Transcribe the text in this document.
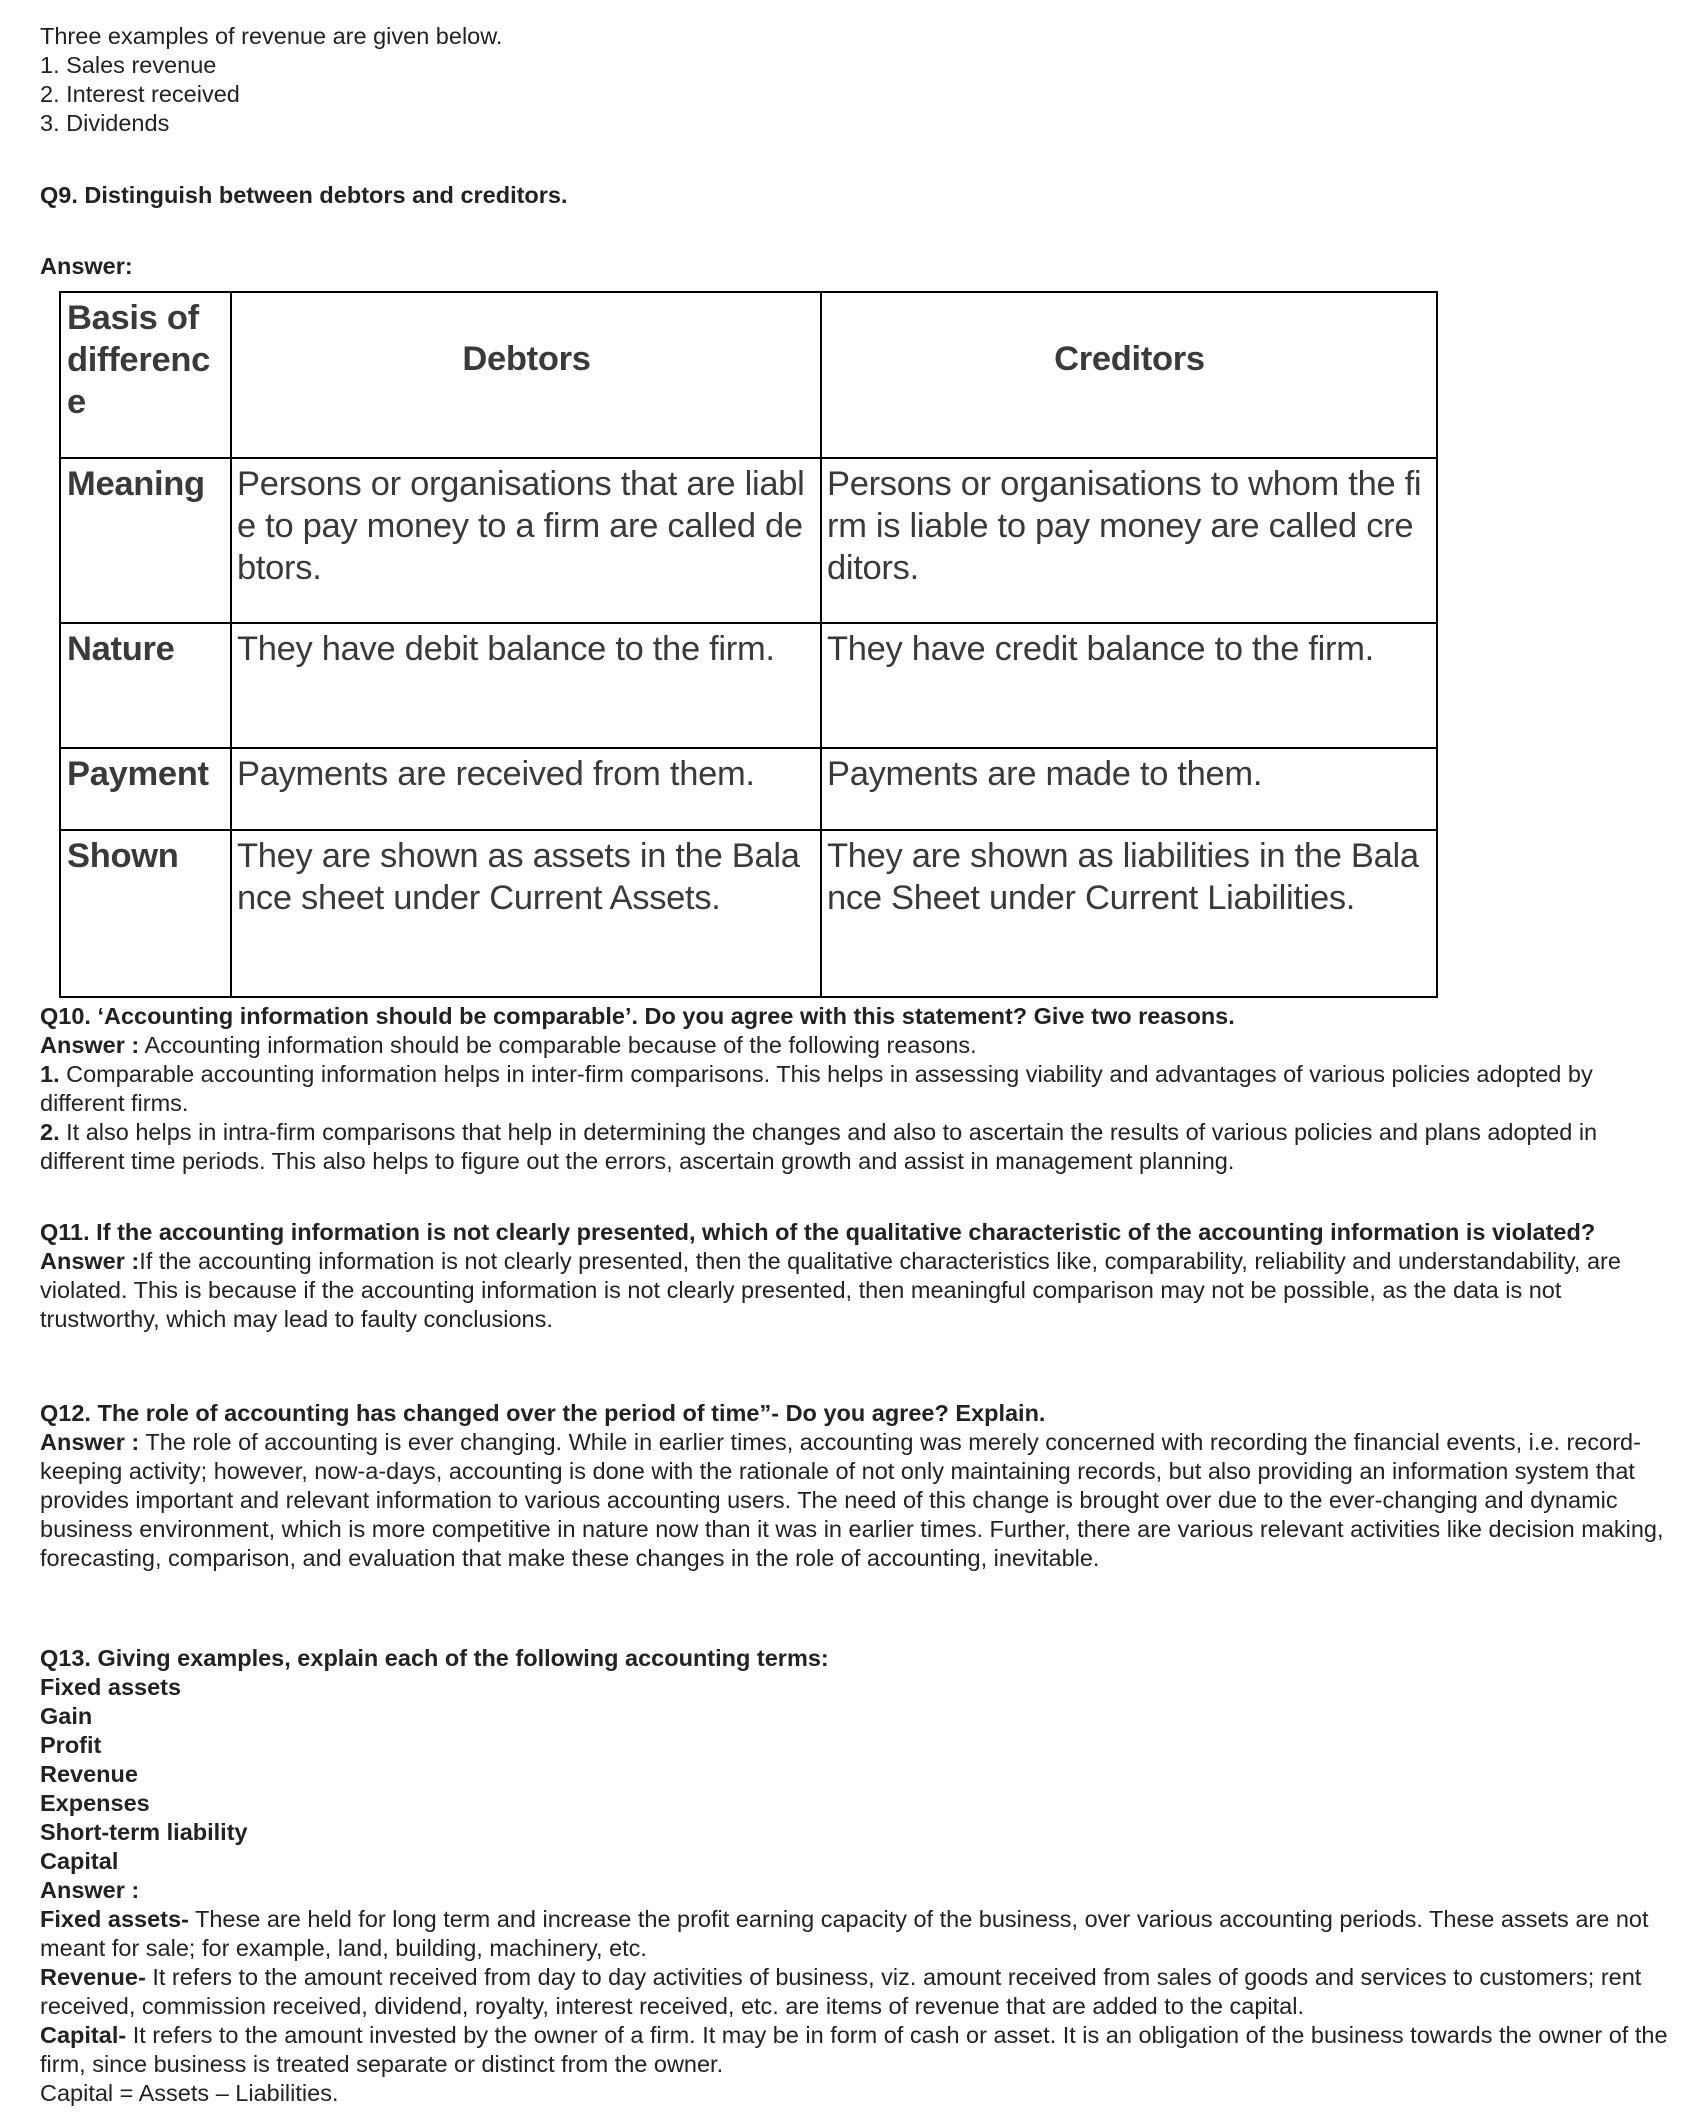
Three examples of revenue are given below.

1. Sales revenue

2. Interest received

3. Dividends

Q9. Distinguish between debtors and creditors.
Answer:
Basis of difference	Debtors	Creditors
Meaning	Persons or organisations that are liable to pay money to a firm are called debtors.	Persons or organisations to whom the firm is liable to pay money are called creditors.
Nature	They have debit balance to the firm.	They have credit balance to the firm.
Payment	Payments are received from them.	Payments are made to them.
Shown	They are shown as assets in the Balance sheet under Current Assets.	They are shown as liabilities in the Balance Sheet under Current Liabilities.

Q10. ‘Accounting information should be comparable’. Do you agree with this statement? Give two reasons.

Answer : Accounting information should be comparable because of the following reasons.

1. Comparable accounting information helps in inter-firm comparisons. This helps in assessing viability and advantages of various policies adopted by different firms.

2. It also helps in intra-firm comparisons that help in determining the changes and also to ascertain the results of various policies and plans adopted in different time periods. This also helps to figure out the errors, ascertain growth and assist in management planning.

Q11. If the accounting information is not clearly presented, which of the qualitative characteristic of the accounting information is violated?

Answer :If the accounting information is not clearly presented, then the qualitative characteristics like, comparability, reliability and understandability, are violated. This is because if the accounting information is not clearly presented, then meaningful comparison may not be possible, as the data is not trustworthy, which may lead to faulty conclusions.

Q12. The role of accounting has changed over the period of time”- Do you agree? Explain.

Answer : The role of accounting is ever changing. While in earlier times, accounting was merely concerned with recording the financial events, i.e. record-keeping activity; however, now-a-days, accounting is done with the rationale of not only maintaining records, but also providing an information system that provides important and relevant information to various accounting users. The need of this change is brought over due to the ever-changing and dynamic business environment, which is more competitive in nature now than it was in earlier times. Further, there are various relevant activities like decision making, forecasting, comparison, and evaluation that make these changes in the role of accounting, inevitable.

Q13. Giving examples, explain each of the following accounting terms:

Fixed assets

Gain

Profit

Revenue

Expenses

Short-term liability

Capital

Answer :

Fixed assets- These are held for long term and increase the profit earning capacity of the business, over various accounting periods. These assets are not meant for sale; for example, land, building, machinery, etc.

Revenue- It refers to the amount received from day to day activities of business, viz. amount received from sales of goods and services to customers; rent received, commission received, dividend, royalty, interest received, etc. are items of revenue that are added to the capital.

Capital- It refers to the amount invested by the owner of a firm. It may be in form of cash or asset. It is an obligation of the business towards the owner of the firm, since business is treated separate or distinct from the owner.

Capital = Assets – Liabilities.
